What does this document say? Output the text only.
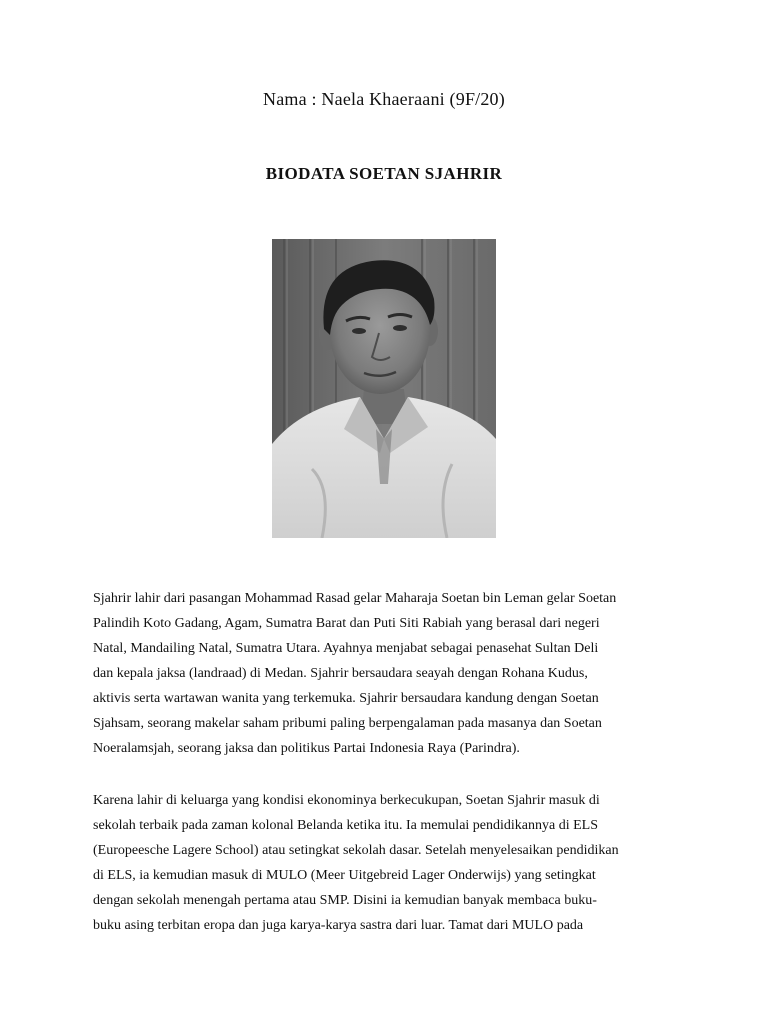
Nama : Naela Khaeraani (9F/20)
BIODATA SOETAN SJAHRIR
Sjahrir lahir dari pasangan Mohammad Rasad gelar Maharaja Soetan bin Leman gelar Soetan
Palindih Koto Gadang, Agam, Sumatra Barat dan Puti Siti Rabiah yang berasal dari negeri
Natal, Mandailing Natal, Sumatra Utara. Ayahnya menjabat sebagai penasehat Sultan Deli
dan kepala jaksa (landraad) di Medan. Sjahrir bersaudara seayah dengan Rohana Kudus,
aktivis serta wartawan wanita yang terkemuka. Sjahrir bersaudara kandung dengan Soetan
Sjahsam, seorang makelar saham pribumi paling berpengalaman pada masanya dan Soetan
Noeralamsjah, seorang jaksa dan politikus Partai Indonesia Raya (Parindra).
Karena lahir di keluarga yang kondisi ekonominya berkecukupan, Soetan Sjahrir masuk di
sekolah terbaik pada zaman kolonal Belanda ketika itu. Ia memulai pendidikannya di ELS
(Europeesche Lagere School) atau setingkat sekolah dasar. Setelah menyelesaikan pendidikan
di ELS, ia kemudian masuk di MULO (Meer Uitgebreid Lager Onderwijs) yang setingkat
dengan sekolah menengah pertama atau SMP. Disini ia kemudian banyak membaca buku-
buku asing terbitan eropa dan juga karya-karya sastra dari luar. Tamat dari MULO pada
